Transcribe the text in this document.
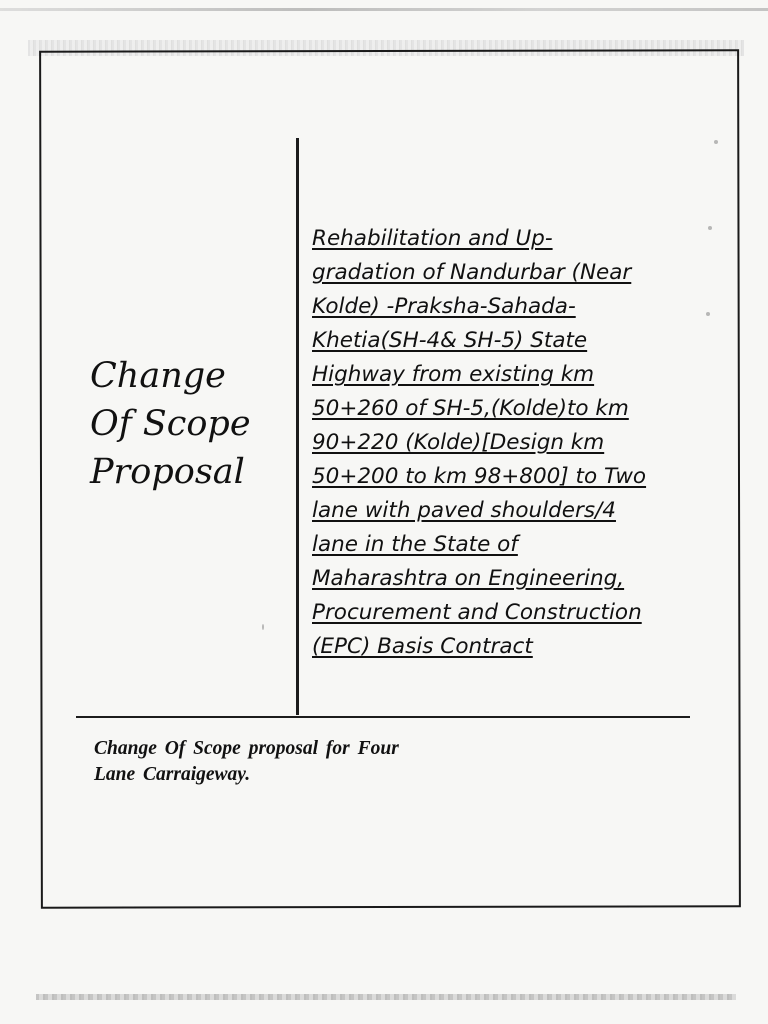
Change
Of Scope
Proposal

Rehabilitation and Up-
gradation of Nandurbar (Near
Kolde) -Praksha-Sahada-
Khetia(SH-4& SH-5) State
Highway from existing km
50+260 of SH-5,(Kolde)to km
90+220 (Kolde)[Design km
50+200 to km 98+800] to Two
lane with paved shoulders/4
lane in the State of
Maharashtra on Engineering,
Procurement and Construction
(EPC) Basis Contract

Change Of Scope proposal for Four
Lane Carraigeway.
